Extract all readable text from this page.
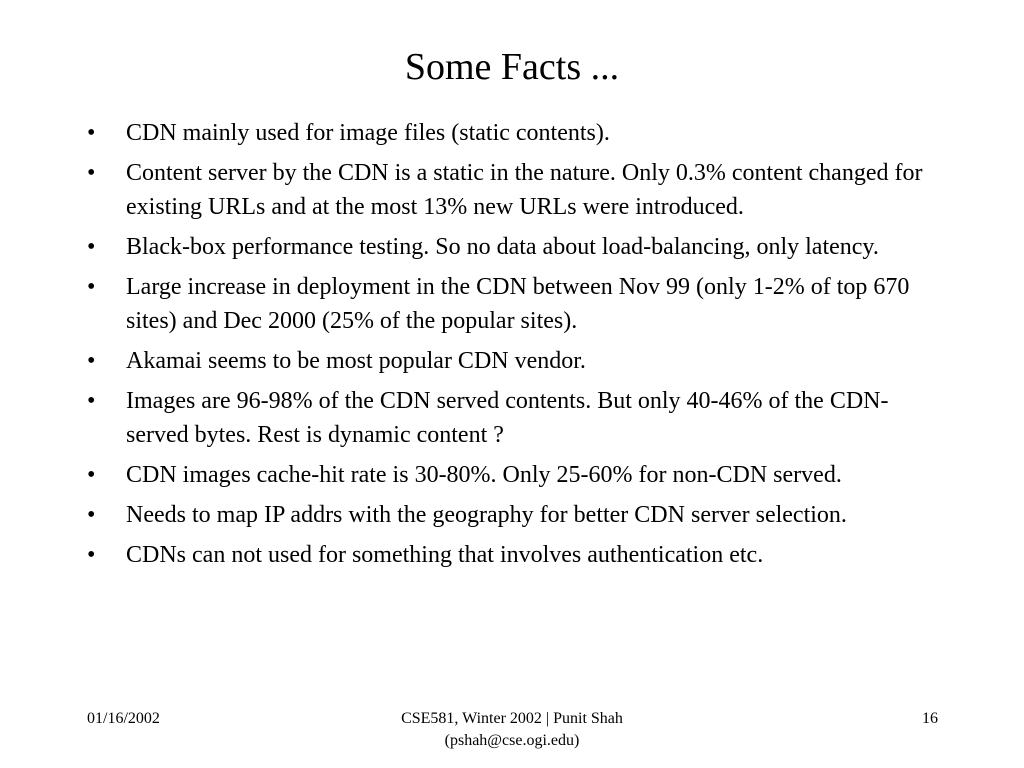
Some Facts ...
• CDN mainly used for image files (static contents).
• Content server by the CDN is a static in the nature. Only 0.3% content changed for existing URLs and at the most 13% new URLs were introduced.
• Black-box performance testing. So no data about load-balancing, only latency.
• Large increase in deployment in the CDN between Nov 99 (only 1-2% of top 670 sites) and Dec 2000 (25% of the popular sites).
• Akamai seems to be most popular CDN vendor.
• Images are 96-98% of the CDN served contents. But only 40-46% of the CDN-served bytes. Rest is dynamic content ?
• CDN images cache-hit rate is 30-80%. Only 25-60% for non-CDN served.
• Needs to map IP addrs with the geography for better CDN server selection.
• CDNs can not used for something that involves authentication etc.
01/16/2002	CSE581, Winter 2002 | Punit Shah
(pshah@cse.ogi.edu)
16
